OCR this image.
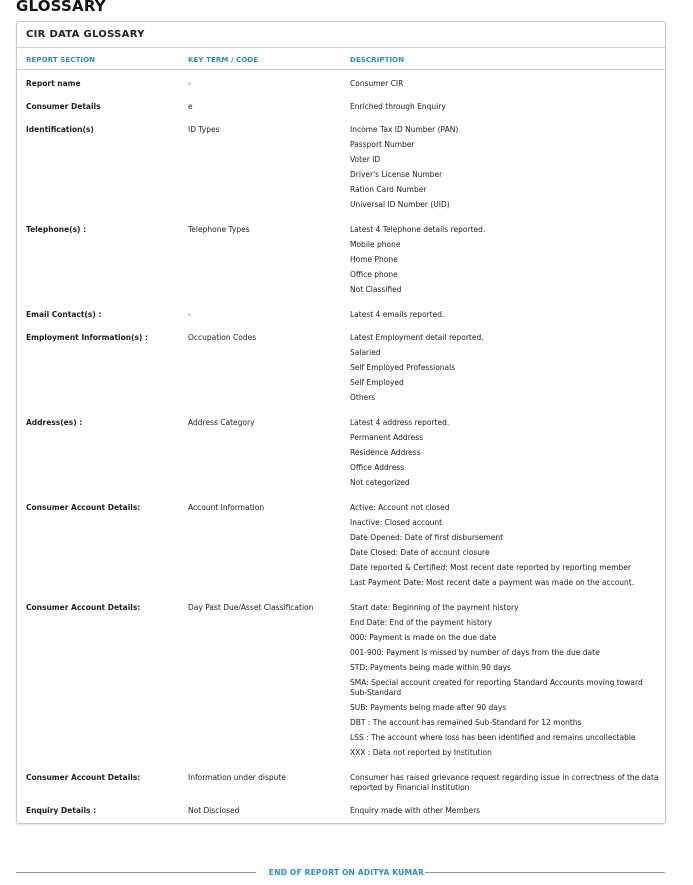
GLOSSARY
CIR DATA GLOSSARY
REPORT SECTION	KEY TERM / CODE	DESCRIPTION
Report name	-	Consumer CIR
Consumer Details	e	Enriched through Enquiry
Identification(s)	ID Types	Income Tax ID Number (PAN)
Passport Number
Voter ID
Driver's License Number
Ration Card Number
Universal ID Number (UID)
Telephone(s) :	Telephone Types	Latest 4 Telephone details reported.
Mobile phone
Home Phone
Office phone
Not Classified
Email Contact(s) :	-	Latest 4 emails reported.
Employment Information(s) :	Occupation Codes	Latest Employment detail reported.
Salaried
Self Employed Professionals
Self Employed
Others
Address(es) :	Address Category	Latest 4 address reported.
Permanent Address
Residence Address
Office Address
Not categorized
Consumer Account Details:	Account Information	Active: Account not closed
Inactive: Closed account
Date Opened: Date of first disbursement
Date Closed: Date of account closure
Date reported & Certified: Most recent date reported by reporting member
Last Payment Date: Most recent date a payment was made on the account.
Consumer Account Details:	Day Past Due/Asset Classification	Start date: Beginning of the payment history
End Date: End of the payment history
000: Payment is made on the due date
001-900: Payment is missed by number of days from the due date
STD: Payments being made within 90 days
SMA: Special account created for reporting Standard Accounts moving toward Sub-Standard
SUB: Payments being made after 90 days
DBT : The account has remained Sub-Standard for 12 months
LSS : The account where loss has been identified and remains uncollectable
XXX : Data not reported by Institution
Consumer Account Details:	Information under dispute	Consumer has raised grievance request regarding issue in correctness of the data reported by Financial Institution
Enquiry Details :	Not Disclosed	Enquiry made with other Members
END OF REPORT ON ADITYA KUMAR
